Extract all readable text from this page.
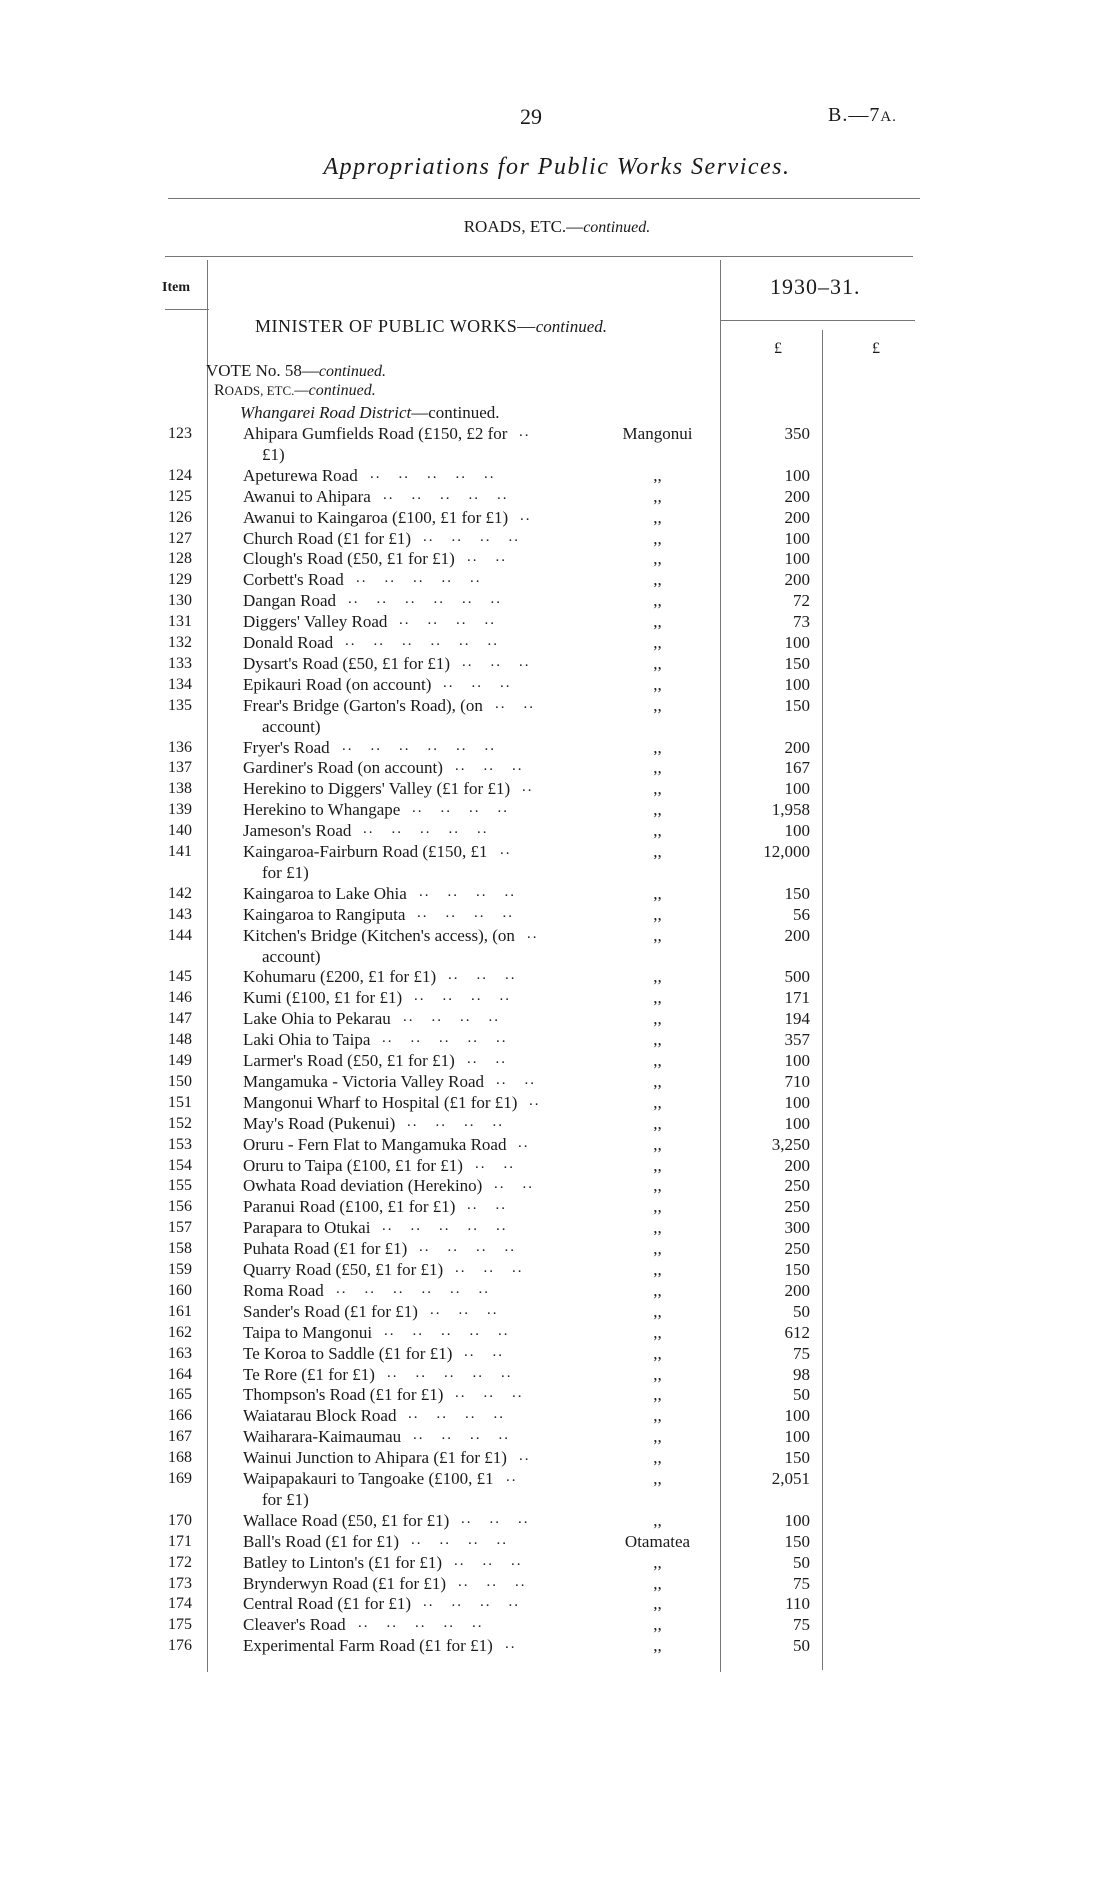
29	B.—7A.
Appropriations for Public Works Services.
ROADS, ETC.—continued.
Item	1930–31.
MINISTER OF PUBLIC WORKS—continued.
£	£
VOTE No. 58—continued.
ROADS, ETC.—continued.
Whangarei Road District—continued.
123	Ahipara Gumfields Road (£150, £2 for	Mangonui	350
.. 
£1)
124	Apeturewa Road	,,	100
.. .. .. .. .. 
125	Awanui to Ahipara	,,	200
.. .. .. .. .. 
126	Awanui to Kaingaroa (£100, £1 for £1)	,,	200
.. 
127	Church Road (£1 for £1)	,,	100
.. .. .. .. 
128	Clough's Road (£50, £1 for £1)	,,	100
.. .. 
129	Corbett's Road	,,	200
.. .. .. .. .. 
130	Dangan Road	,,	72
.. .. .. .. .. .. 
131	Diggers' Valley Road	,,	73
.. .. .. .. 
132	Donald Road	,,	100
.. .. .. .. .. .. 
133	Dysart's Road (£50, £1 for £1)	,,	150
.. .. .. 
134	Epikauri Road (on account)	,,	100
.. .. .. 
135	Frear's Bridge (Garton's Road), (on	,,	150
.. .. 
account)
136	Fryer's Road	,,	200
.. .. .. .. .. .. 
137	Gardiner's Road (on account)	,,	167
.. .. .. 
138	Herekino to Diggers' Valley (£1 for £1)	,,	100
.. 
139	Herekino to Whangape	,,	1,958
.. .. .. .. 
140	Jameson's Road	,,	100
.. .. .. .. .. 
141	Kaingaroa-Fairburn Road (£150, £1	,,	12,000
.. 
for £1)
142	Kaingaroa to Lake Ohia	,,	150
.. .. .. .. 
143	Kaingaroa to Rangiputa	,,	56
.. .. .. .. 
144	Kitchen's Bridge (Kitchen's access), (on	,,	200
.. 
account)
145	Kohumaru (£200, £1 for £1)	,,	500
.. .. .. 
146	Kumi (£100, £1 for £1)	,,	171
.. .. .. .. 
147	Lake Ohia to Pekarau	,,	194
.. .. .. .. 
148	Laki Ohia to Taipa	,,	357
.. .. .. .. .. 
149	Larmer's Road (£50, £1 for £1)	,,	100
.. .. 
150	Mangamuka - Victoria Valley Road	,,	710
.. .. 
151	Mangonui Wharf to Hospital (£1 for £1)	,,	100
.. 
152	May's Road (Pukenui)	,,	100
.. .. .. .. 
153	Oruru - Fern Flat to Mangamuka Road	,,	3,250
.. 
154	Oruru to Taipa (£100, £1 for £1)	,,	200
.. .. 
155	Owhata Road deviation (Herekino)	,,	250
.. .. 
156	Paranui Road (£100, £1 for £1)	,,	250
.. .. 
157	Parapara to Otukai	,,	300
.. .. .. .. .. 
158	Puhata Road (£1 for £1)	,,	250
.. .. .. .. 
159	Quarry Road (£50, £1 for £1)	,,	150
.. .. .. 
160	Roma Road	,,	200
.. .. .. .. .. .. 
161	Sander's Road (£1 for £1)	,,	50
.. .. .. 
162	Taipa to Mangonui	,,	612
.. .. .. .. .. 
163	Te Koroa to Saddle (£1 for £1)	,,	75
.. .. 
164	Te Rore (£1 for £1)	,,	98
.. .. .. .. .. 
165	Thompson's Road (£1 for £1)	,,	50
.. .. .. 
166	Waiatarau Block Road	,,	100
.. .. .. .. 
167	Waiharara-Kaimaumau	,,	100
.. .. .. .. 
168	Wainui Junction to Ahipara (£1 for £1)	,,	150
.. 
169	Waipapakauri to Tangoake (£100, £1	,,	2,051
.. 
for £1)
170	Wallace Road (£50, £1 for £1)	,,	100
.. .. .. 
171	Ball's Road (£1 for £1)	Otamatea	150
.. .. .. .. 
172	Batley to Linton's (£1 for £1)	,,	50
.. .. .. 
173	Brynderwyn Road (£1 for £1)	,,	75
.. .. .. 
174	Central Road (£1 for £1)	,,	110
.. .. .. .. 
175	Cleaver's Road	,,	75
.. .. .. .. .. 
176	Experimental Farm Road (£1 for £1)	,,	50
.. 
